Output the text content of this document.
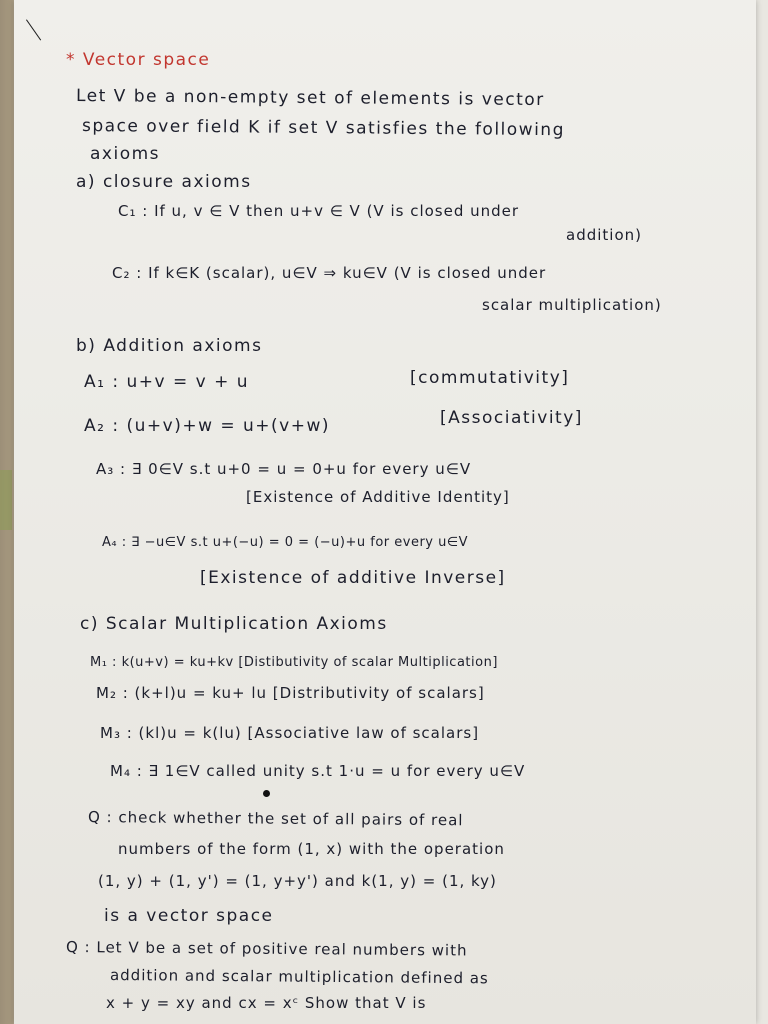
* Vector space
Let V be a non-empty set of elements is vector
space over field K if set V satisfies the following
axioms
a) closure axioms
C₁ : If u, v ∈ V then u+v ∈ V (V is closed under
addition)
C₂ : If k∈K (scalar), u∈V ⇒ ku∈V (V is closed under
scalar multiplication)
b) Addition axioms
A₁ : u+v = v + u	[commutativity]
A₂ : (u+v)+w = u+(v+w)	[Associativity]
A₃ : ∃ 0∈V s.t u+0 = u = 0+u for every u∈V
[Existence of Additive Identity]
A₄ : ∃ −u∈V s.t u+(−u) = 0 = (−u)+u for every u∈V
[Existence of additive Inverse]
c) Scalar Multiplication Axioms
M₁ : k(u+v) = ku+kv [Distibutivity of scalar Multiplication]
M₂ : (k+l)u = ku+ lu [Distributivity of scalars]
M₃ : (kl)u = k(lu) [Associative law of scalars]
M₄ : ∃ 1∈V called unity s.t 1·u = u for every u∈V
Q : check whether the set of all pairs of real
numbers of the form (1, x) with the operation
(1, y) + (1, y') = (1, y+y') and k(1, y) = (1, ky)
is a vector space
Q : Let V be a set of positive real numbers with
addition and scalar multiplication defined as
x + y = xy and cx = xᶜ Show that V is
